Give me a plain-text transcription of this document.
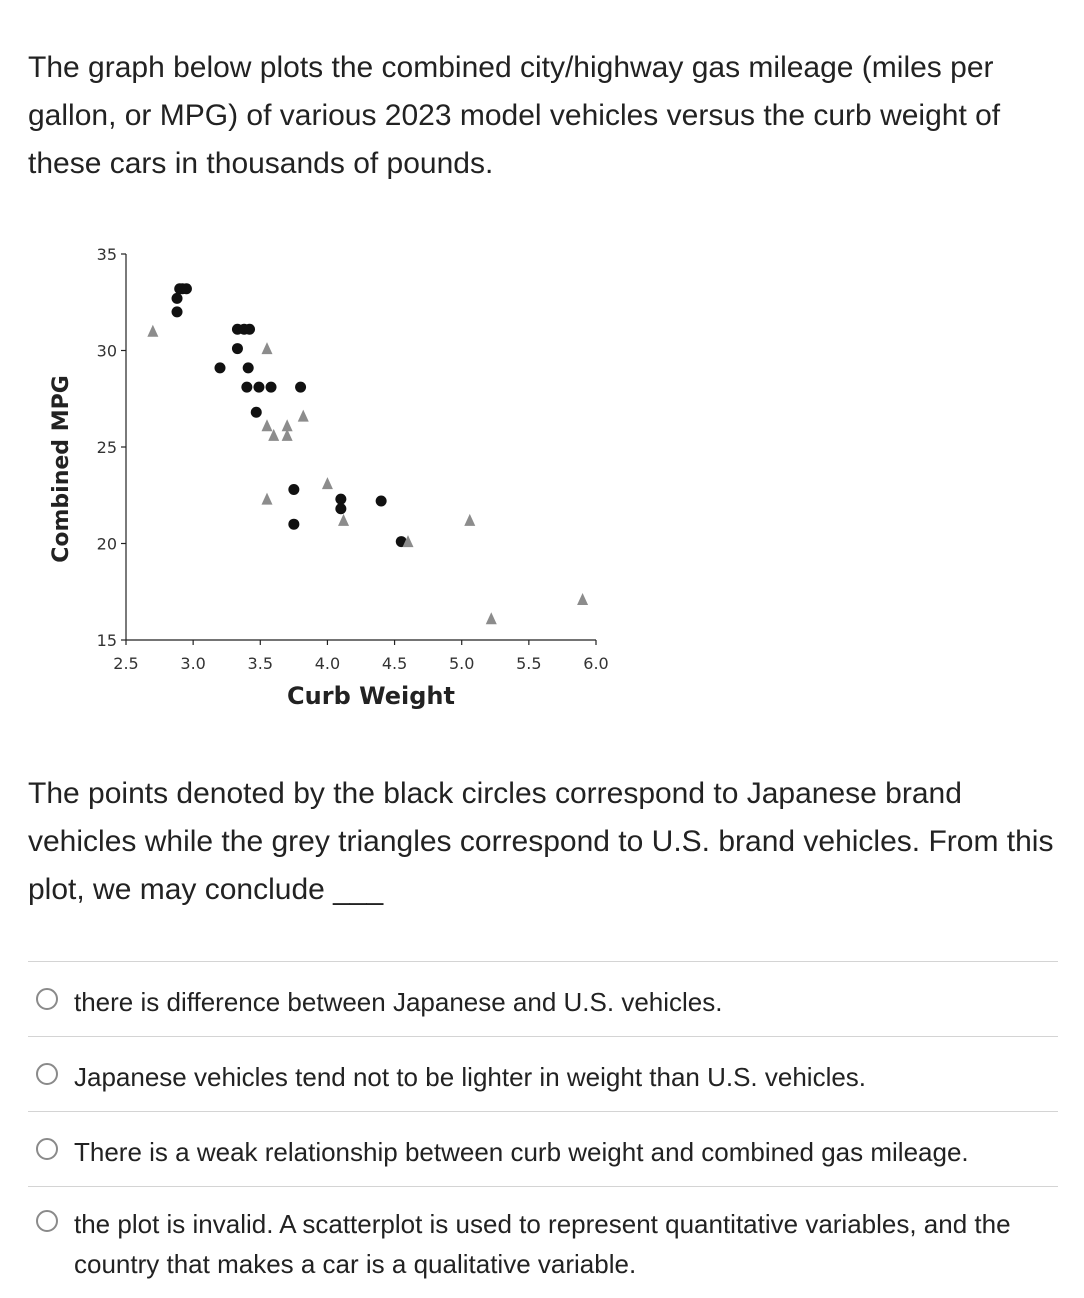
The graph below plots the combined city/highway gas mileage (miles per gallon, or MPG) of various 2023 model vehicles versus the curb weight of these cars in thousands of pounds.
15
20
25
30
35
2.5	3.0	3.5	4.0	4.5	5.0	5.5	6.0
Curb Weight
Combined MPG
The points denoted by the black circles correspond to Japanese brand vehicles while the grey triangles correspond to U.S. brand vehicles. From this plot, we may conclude ___
there is difference between Japanese and U.S. vehicles.
Japanese vehicles tend not to be lighter in weight than U.S. vehicles.
There is a weak relationship between curb weight and combined gas mileage.
the plot is invalid. A scatterplot is used to represent quantitative variables, and the country that makes a car is a qualitative variable.
